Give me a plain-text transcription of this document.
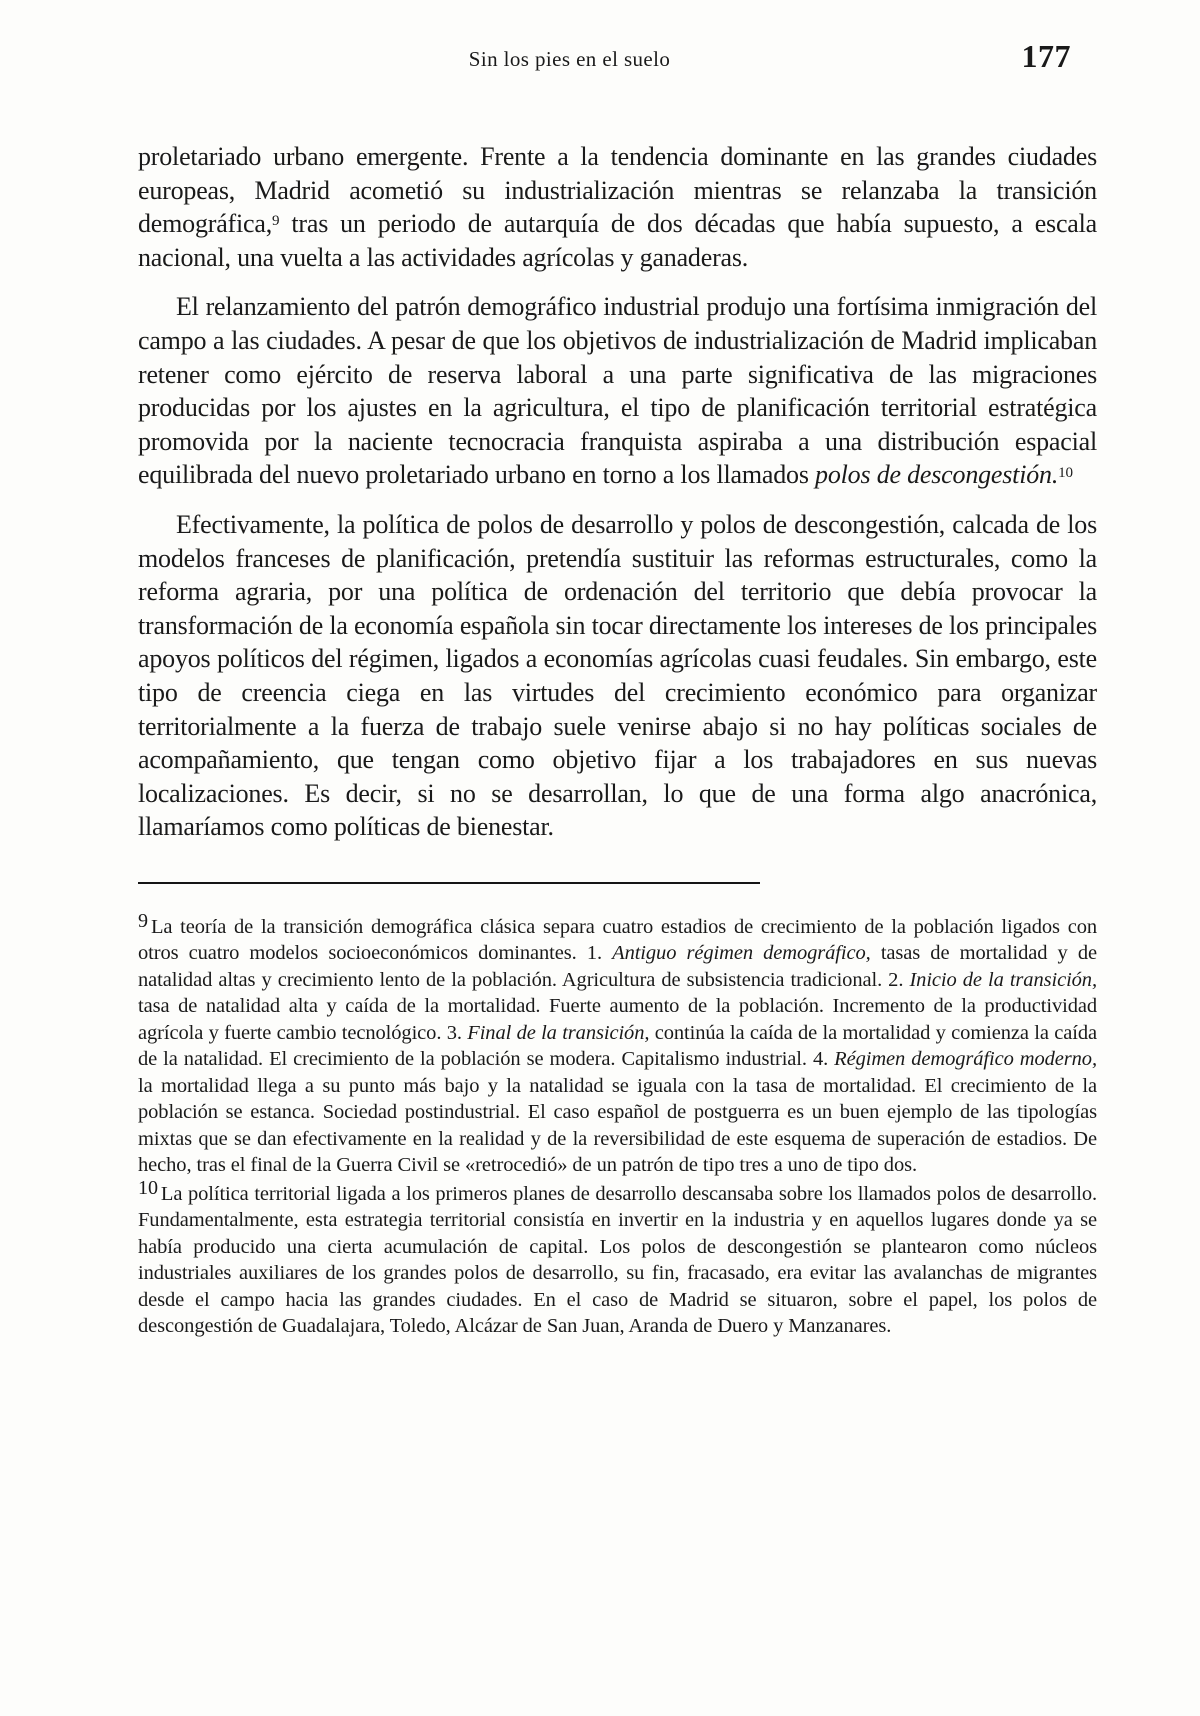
Sin los pies en el suelo	177

proletariado urbano emergente. Frente a la tendencia dominante en las grandes ciudades europeas, Madrid acometió su industrialización mientras se relanzaba la transición demográfica,$^9$ tras un periodo de autarquía de dos décadas que había supuesto, a escala nacional, una vuelta a las actividades agrícolas y ganaderas.

El relanzamiento del patrón demográfico industrial produjo una fortísima inmigración del campo a las ciudades. A pesar de que los objetivos de industrialización de Madrid implicaban retener como ejército de reserva laboral a una parte significativa de las migraciones producidas por los ajustes en la agricultura, el tipo de planificación territorial estratégica promovida por la naciente tecnocracia franquista aspiraba a una distribución espacial equilibrada del nuevo proletariado urbano en torno a los llamados polos de descongestión.$^{10}$

Efectivamente, la política de polos de desarrollo y polos de descongestión, calcada de los modelos franceses de planificación, pretendía sustituir las reformas estructurales, como la reforma agraria, por una política de ordenación del territorio que debía provocar la transformación de la economía española sin tocar directamente los intereses de los principales apoyos políticos del régimen, ligados a economías agrícolas cuasi feudales. Sin embargo, este tipo de creencia ciega en las virtudes del crecimiento económico para organizar territorialmente a la fuerza de trabajo suele venirse abajo si no hay políticas sociales de acompañamiento, que tengan como objetivo fijar a los trabajadores en sus nuevas localizaciones. Es decir, si no se desarrollan, lo que de una forma algo anacrónica, llamaríamos como políticas de bienestar.

$^9$ La teoría de la transición demográfica clásica separa cuatro estadios de crecimiento de la población ligados con otros cuatro modelos socioeconómicos dominantes. 1. Antiguo régimen demográfico, tasas de mortalidad y de natalidad altas y crecimiento lento de la población. Agricultura de subsistencia tradicional. 2. Inicio de la transición, tasa de natalidad alta y caída de la mortalidad. Fuerte aumento de la población. Incremento de la productividad agrícola y fuerte cambio tecnológico. 3. Final de la transición, continúa la caída de la mortalidad y comienza la caída de la natalidad. El crecimiento de la población se modera. Capitalismo industrial. 4. Régimen demográfico moderno, la mortalidad llega a su punto más bajo y la natalidad se iguala con la tasa de mortalidad. El crecimiento de la población se estanca. Sociedad postindustrial. El caso español de postguerra es un buen ejemplo de las tipologías mixtas que se dan efectivamente en la realidad y de la reversibilidad de este esquema de superación de estadios. De hecho, tras el final de la Guerra Civil se «retrocedió» de un patrón de tipo tres a uno de tipo dos.

$^{10}$ La política territorial ligada a los primeros planes de desarrollo descansaba sobre los llamados polos de desarrollo. Fundamentalmente, esta estrategia territorial consistía en invertir en la industria y en aquellos lugares donde ya se había producido una cierta acumulación de capital. Los polos de descongestión se plantearon como núcleos industriales auxiliares de los grandes polos de desarrollo, su fin, fracasado, era evitar las avalanchas de migrantes desde el campo hacia las grandes ciudades. En el caso de Madrid se situaron, sobre el papel, los polos de descongestión de Guadalajara, Toledo, Alcázar de San Juan, Aranda de Duero y Manzanares.
